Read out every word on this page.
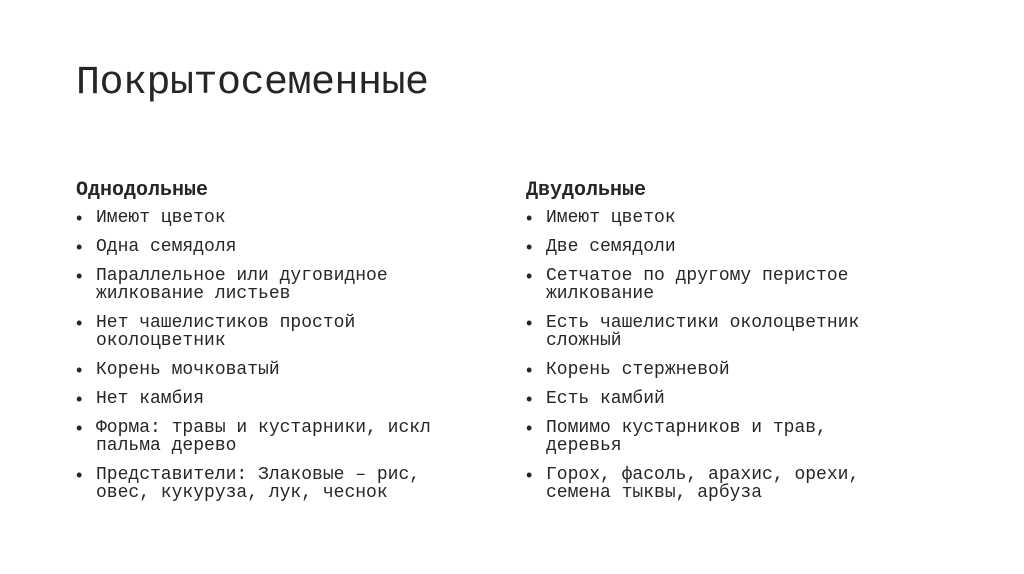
Покрытосеменные
Однодольные
• Имеют цветок
• Одна семядоля
• Параллельное или дуговидное
жилкование листьев
• Нет чашелистиков простой
околоцветник
• Корень мочковатый
• Нет камбия
• Форма: травы и кустарники, искл
пальма дерево
• Представители: Злаковые – рис,
овес, кукуруза, лук, чеснок
Двудольные
• Имеют цветок
• Две семядоли
• Сетчатое по другому перистое
жилкование
• Есть чашелистики околоцветник
сложный
• Корень стержневой
• Есть камбий
• Помимо кустарников и трав,
деревья
• Горох, фасоль, арахис, орехи,
семена тыквы, арбуза
